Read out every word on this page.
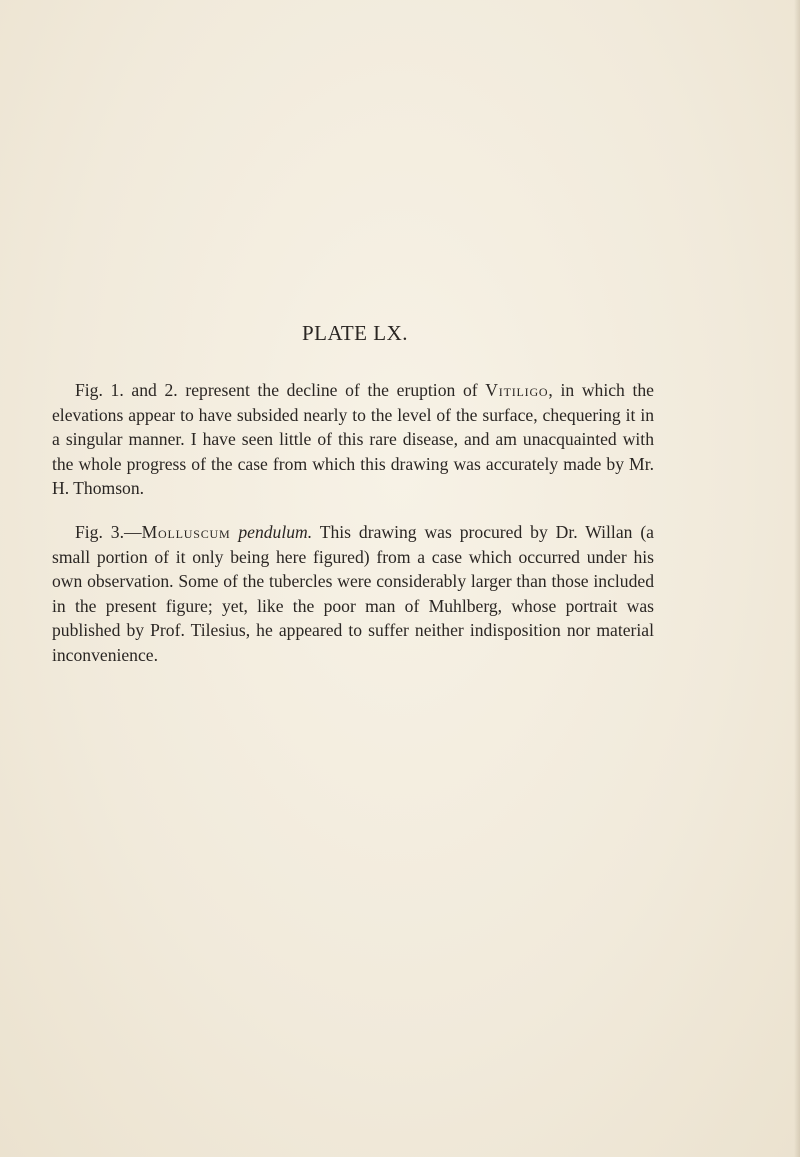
PLATE LX.

Fig. 1. and 2. represent the decline of the eruption of Vitiligo, in which the elevations appear to have subsided nearly to the level of the surface, chequering it in a singular manner. I have seen little of this rare disease, and am unacquainted with the whole progress of the case from which this drawing was accurately made by Mr. H. Thomson.

Fig. 3.—Molluscum pendulum. This drawing was procured by Dr. Willan (a small portion of it only being here figured) from a case which occurred under his own observation. Some of the tubercles were considerably larger than those included in the present figure; yet, like the poor man of Muhlberg, whose portrait was published by Prof. Tilesius, he appeared to suffer neither indisposition nor material inconvenience.
